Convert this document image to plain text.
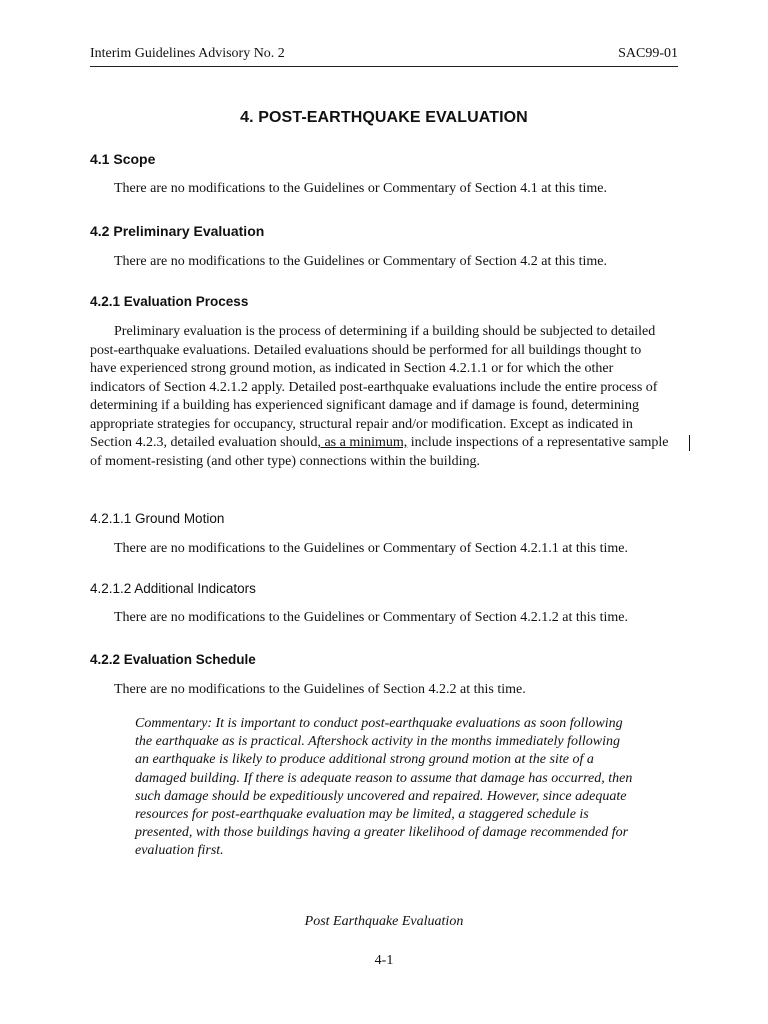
Interim Guidelines Advisory No. 2	SAC99-01
4. POST-EARTHQUAKE EVALUATION
4.1 Scope
There are no modifications to the Guidelines or Commentary of Section 4.1 at this time.
4.2 Preliminary Evaluation
There are no modifications to the Guidelines or Commentary of Section 4.2 at this time.
4.2.1 Evaluation Process
Preliminary evaluation is the process of determining if a building should be subjected to detailed post-earthquake evaluations. Detailed evaluations should be performed for all buildings thought to have experienced strong ground motion, as indicated in Section 4.2.1.1 or for which the other indicators of Section 4.2.1.2 apply. Detailed post-earthquake evaluations include the entire process of determining if a building has experienced significant damage and if damage is found, determining appropriate strategies for occupancy, structural repair and/or modification. Except as indicated in Section 4.2.3, detailed evaluation should, as a minimum, include inspections of a representative sample of moment-resisting (and other type) connections within the building.
4.2.1.1 Ground Motion
There are no modifications to the Guidelines or Commentary of Section 4.2.1.1 at this time.
4.2.1.2 Additional Indicators
There are no modifications to the Guidelines or Commentary of Section 4.2.1.2 at this time.
4.2.2 Evaluation Schedule
There are no modifications to the Guidelines of Section 4.2.2 at this time.
Commentary: It is important to conduct post-earthquake evaluations as soon following the earthquake as is practical. Aftershock activity in the months immediately following an earthquake is likely to produce additional strong ground motion at the site of a damaged building. If there is adequate reason to assume that damage has occurred, then such damage should be expeditiously uncovered and repaired. However, since adequate resources for post-earthquake evaluation may be limited, a staggered schedule is presented, with those buildings having a greater likelihood of damage recommended for evaluation first.
Post Earthquake Evaluation
4-1
